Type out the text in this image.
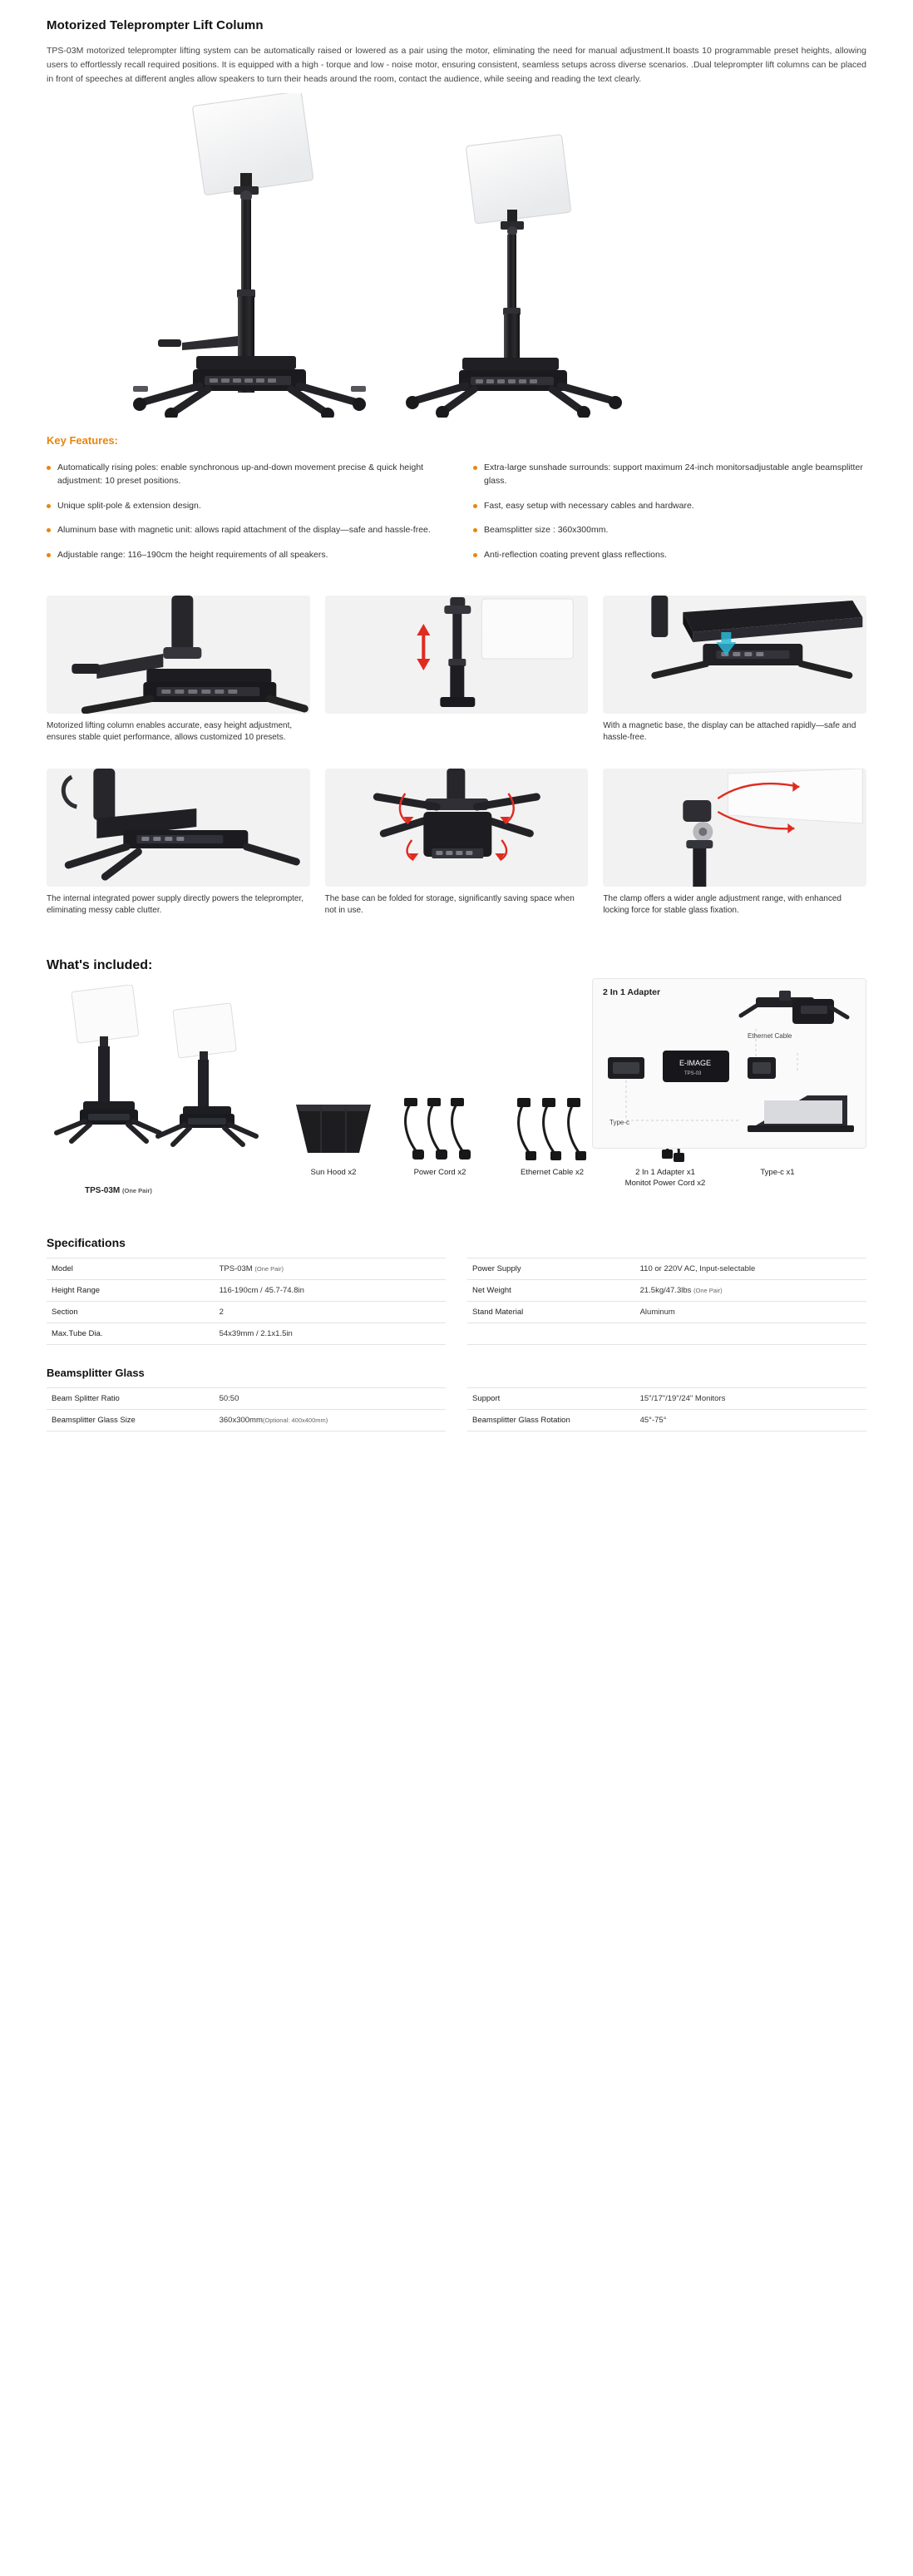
Motorized Teleprompter Lift Column

TPS-03M motorized teleprompter lifting system can be automatically raised or lowered as a pair using the motor, eliminating the need for manual adjustment.It boasts 10 programmable preset heights, allowing users to effortlessly recall required positions. It is equipped with a high - torque and low - noise motor, ensuring consistent, seamless setups across diverse scenarios. .Dual teleprompter lift columns can be placed in front of speeches at different angles allow speakers to turn their heads around the room, contact the audience, while seeing and reading the text clearly.

Key Features:
Automatically rising poles: enable synchronous up-and-down movement precise & quick height adjustment: 10 preset positions.
Unique split-pole & extension design.
Aluminum base with magnetic unit: allows rapid attachment of the display—safe and hassle-free.
Adjustable range: 116–190cm the height requirements of all speakers.
Extra-large sunshade surrounds: support maximum 24-inch monitorsadjustable angle beamsplitter glass.
Fast, easy setup with necessary cables and hardware.
Beamsplitter size : 360x300mm.
Anti-reflection coating prevent glass reflections.
Motorized lifting column enables accurate, easy height adjustment, ensures stable quiet performance, allows customized 10 presets.
With a magnetic base, the display can be attached rapidly—safe and hassle-free.
The internal integrated power supply directly powers the teleprompter, eliminating messy cable clutter.
The base can be folded for storage, significantly saving space when not in use.
The clamp offers a wider angle adjustment range, with enhanced locking force for stable glass fixation.
What's included:
TPS-03M (One Pair)
Sun Hood x2	Power Cord x2	Ethernet Cable x2	2 In 1 Adapter x1
Monitot Power Cord x2
Type-c x1
2 In 1 Adapter
E-IMAGE
TPS-03
Ethernet Cable
Type-c
Specifications
Model	TPS-03M (One Pair)
Height Range	116-190cm / 45.7-74.8in
Section	2
Max.Tube Dia.	54x39mm / 2.1x1.5in
Power Supply	110 or 220V AC, Input-selectable
Net Weight	21.5kg/47.3lbs (One Pair)
Stand Material	Aluminum

Beamsplitter Glass
Beam Splitter Ratio	50:50
Beamsplitter Glass Size	360x300mm(Optional: 400x400mm)
Support	15"/17"/19"/24" Monitors
Beamsplitter Glass Rotation	45°-75°
